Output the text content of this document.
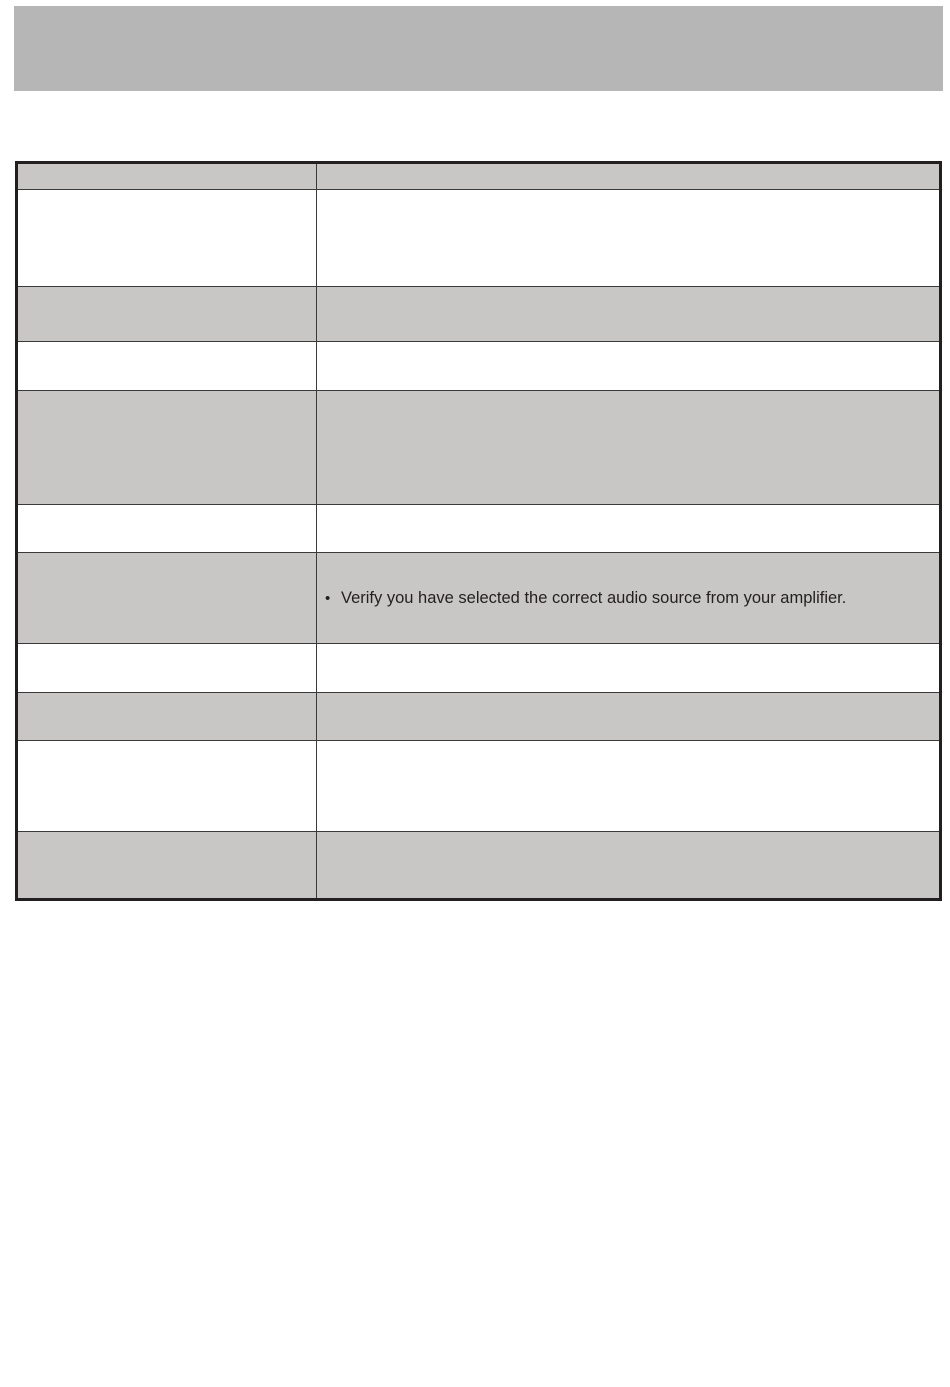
• Verify you have selected the correct audio source from your amplifier.
